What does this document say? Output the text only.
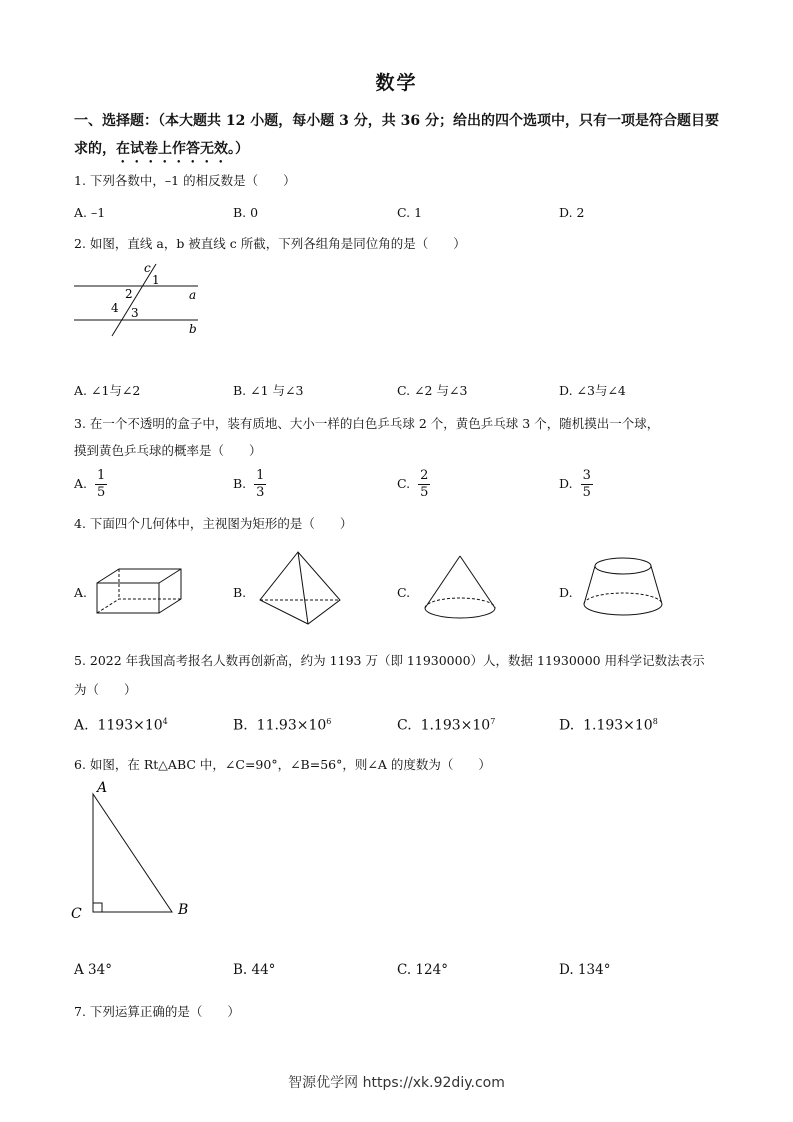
数学
一、选择题：（本大题共 12 小题，每小题 3 分，共 36 分；给出的四个选项中，只有一项是符合题目要求的，在试卷上作答无效。）
1. 下列各数中，–1 的相反数是（　　）
A. –1	B. 0	C. 1	D. 2
2. 如图，直线 a，b 被直线 c 所截，下列各组角是同位角的是（　　）
c
1
2
4 3
a
b
A. ∠1与∠2	B. ∠1 与∠3	C. ∠2 与∠3	D. ∠3与∠4
3. 在一个不透明的盒子中，装有质地、大小一样的白色乒乓球 2 个，黄色乒乓球 3 个，随机摸出一个球，
摸到黄色乒乓球的概率是（　　）
A. $\frac{1}{5}$	B. $\frac{1}{3}$	C. $\frac{2}{5}$	D. $\frac{3}{5}$
4. 下面四个几何体中，主视图为矩形的是（　　）
A.	B.	C.	D.
5. 2022 年我国高考报名人数再创新高，约为 1193 万（即 11930000）人，数据 11930000 用科学记数法表示
为（　　）
A. $1193\times 10^4$	B. $11.93\times 10^6$	C. $1.193\times 10^7$	D. $1.193\times 10^8$
6. 如图，在 Rt△ABC 中，∠C=90°，∠B=56°，则∠A 的度数为（　　）
A
C	B
A 34°	B. 44°	C. 124°	D. 134°
7. 下列运算正确的是（　　）
智源优学网 https://xk.92diy.com
